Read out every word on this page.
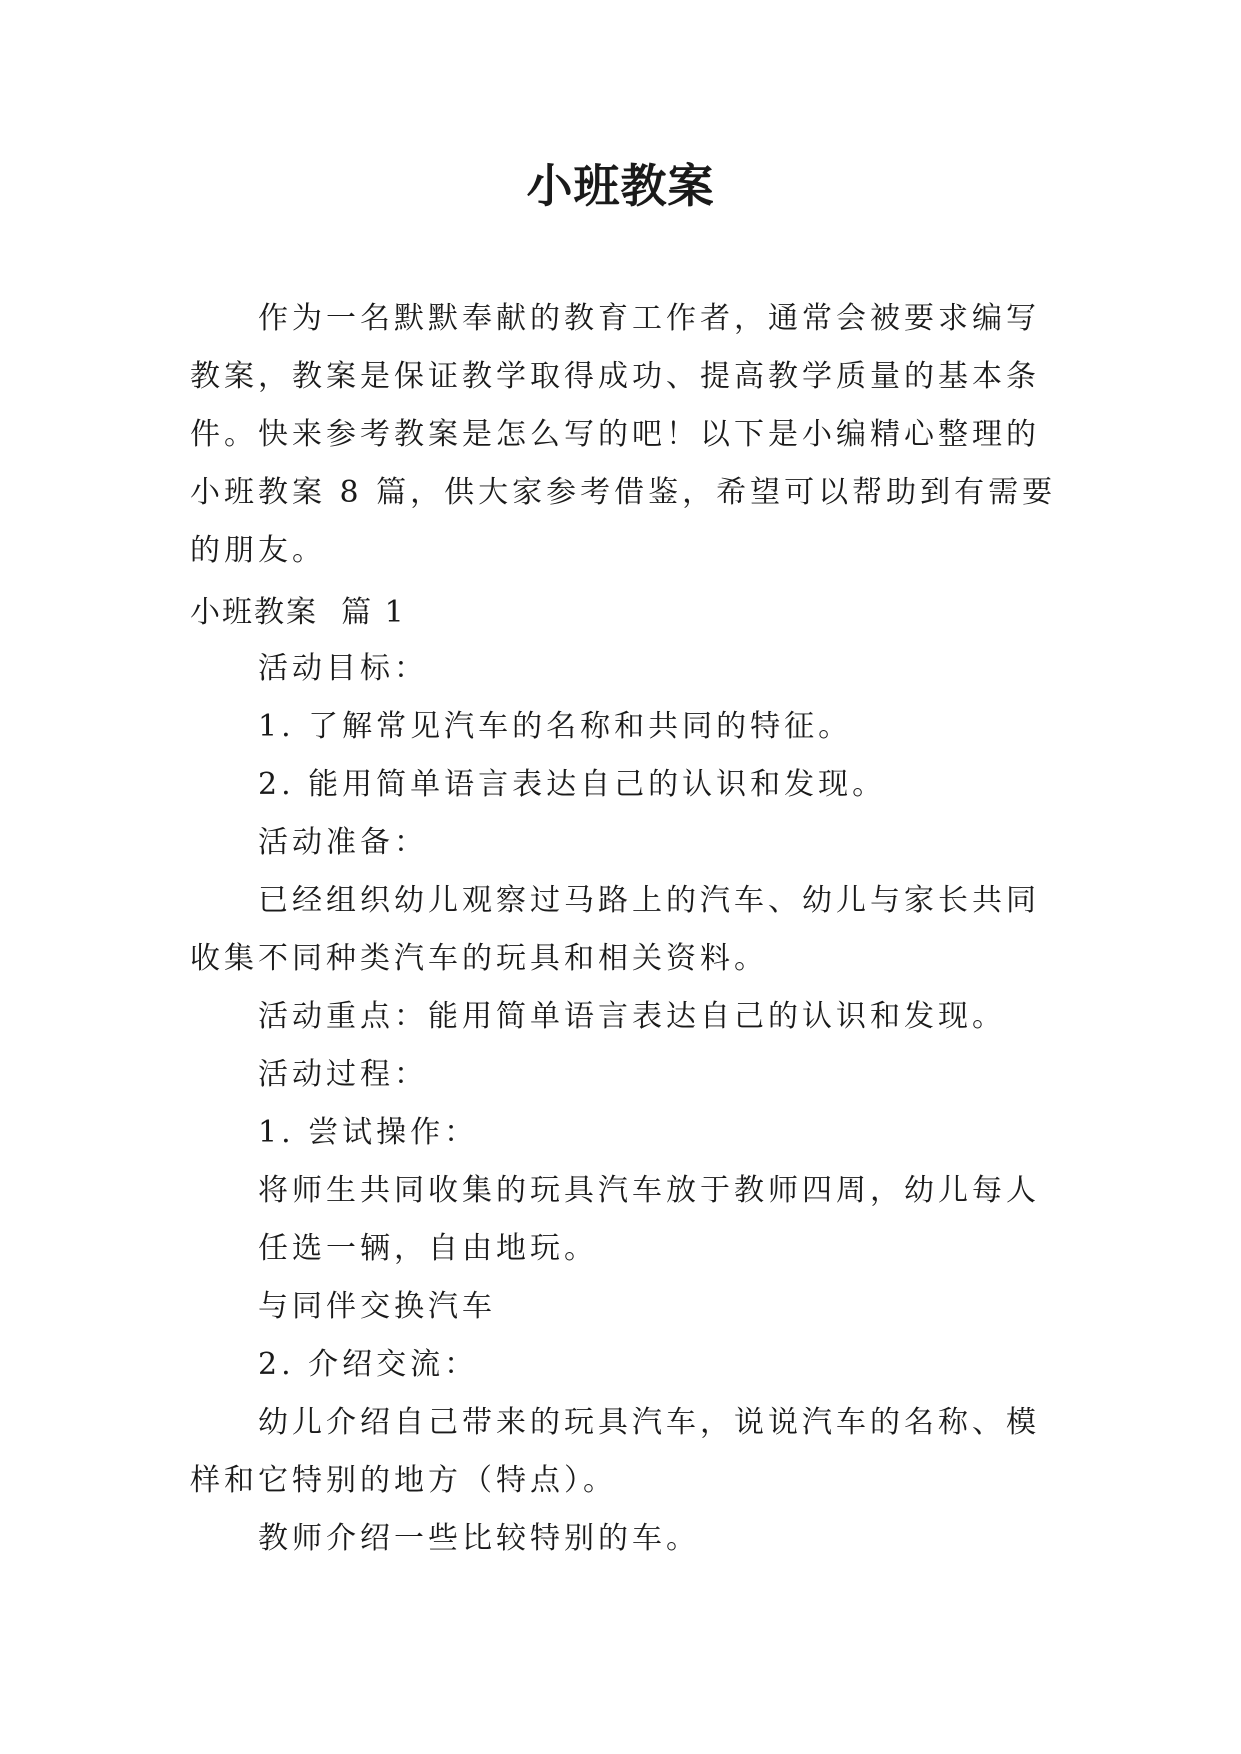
小班教案

作为一名默默奉献的教育工作者，通常会被要求编写教案，教案是保证教学取得成功、提高教学质量的基本条件。快来参考教案是怎么写的吧！以下是小编精心整理的小班教案 8 篇，供大家参考借鉴，希望可以帮助到有需要的朋友。

小班教案  篇 1

活动目标：

1. 了解常见汽车的名称和共同的特征。

2. 能用简单语言表达自己的认识和发现。

活动准备：

已经组织幼儿观察过马路上的汽车、幼儿与家长共同收集不同种类汽车的玩具和相关资料。

活动重点：能用简单语言表达自己的认识和发现。

活动过程：

1. 尝试操作：

将师生共同收集的玩具汽车放于教师四周，幼儿每人

任选一辆，自由地玩。

与同伴交换汽车

2. 介绍交流：

幼儿介绍自己带来的玩具汽车，说说汽车的名称、模样和它特别的地方（特点）。

教师介绍一些比较特别的车。
